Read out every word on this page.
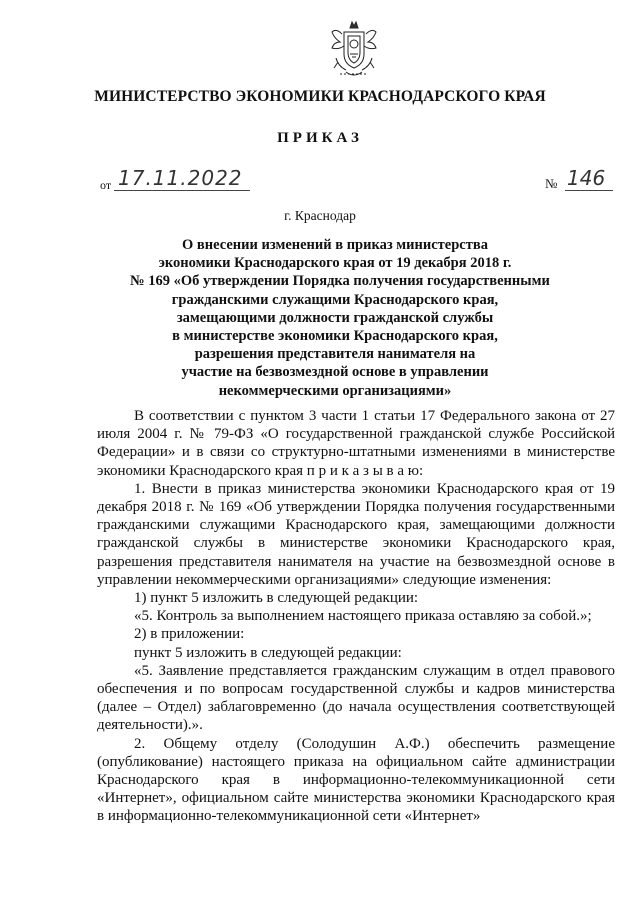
МИНИСТЕРСТВО ЭКОНОМИКИ КРАСНОДАРСКОГО КРАЯ
ПРИКАЗ
от 17.11.2022	№ 146
г. Краснодар
О внесении изменений в приказ министерства
экономики Краснодарского края от 19 декабря 2018 г.
№ 169 «Об утверждении Порядка получения государственными
гражданскими служащими Краснодарского края,
замещающими должности гражданской службы
в министерстве экономики Краснодарского края,
разрешения представителя нанимателя на
участие на безвозмездной основе в управлении
некоммерческими организациями»

В соответствии с пунктом 3 части 1 статьи 17 Федерального закона от 27 июля 2004 г. № 79-ФЗ «О государственной гражданской службе Российской Федерации» и в связи со структурно-штатными изменениями в министерстве экономики Краснодарского края п р и к а з ы в а ю:

1. Внести в приказ министерства экономики Краснодарского края от 19 декабря 2018 г. № 169 «Об утверждении Порядка получения государственными гражданскими служащими Краснодарского края, замещающими должности гражданской службы в министерстве экономики Краснодарского края, разрешения представителя нанимателя на участие на безвозмездной основе в управлении некоммерческими организациями» следующие изменения:

1) пункт 5 изложить в следующей редакции:

«5. Контроль за выполнением настоящего приказа оставляю за собой.»;

2) в приложении:

пункт 5 изложить в следующей редакции:

«5. Заявление представляется гражданским служащим в отдел правового обеспечения и по вопросам государственной службы и кадров министерства (далее – Отдел) заблаговременно (до начала осуществления соответствующей деятельности).».

2. Общему отделу (Солодушин А.Ф.) обеспечить размещение (опубликование) настоящего приказа на официальном сайте администрации Краснодарского края в информационно-телекоммуникационной сети «Интернет», официальном сайте министерства экономики Краснодарского края в информационно-телекоммуникационной сети «Интернет»
